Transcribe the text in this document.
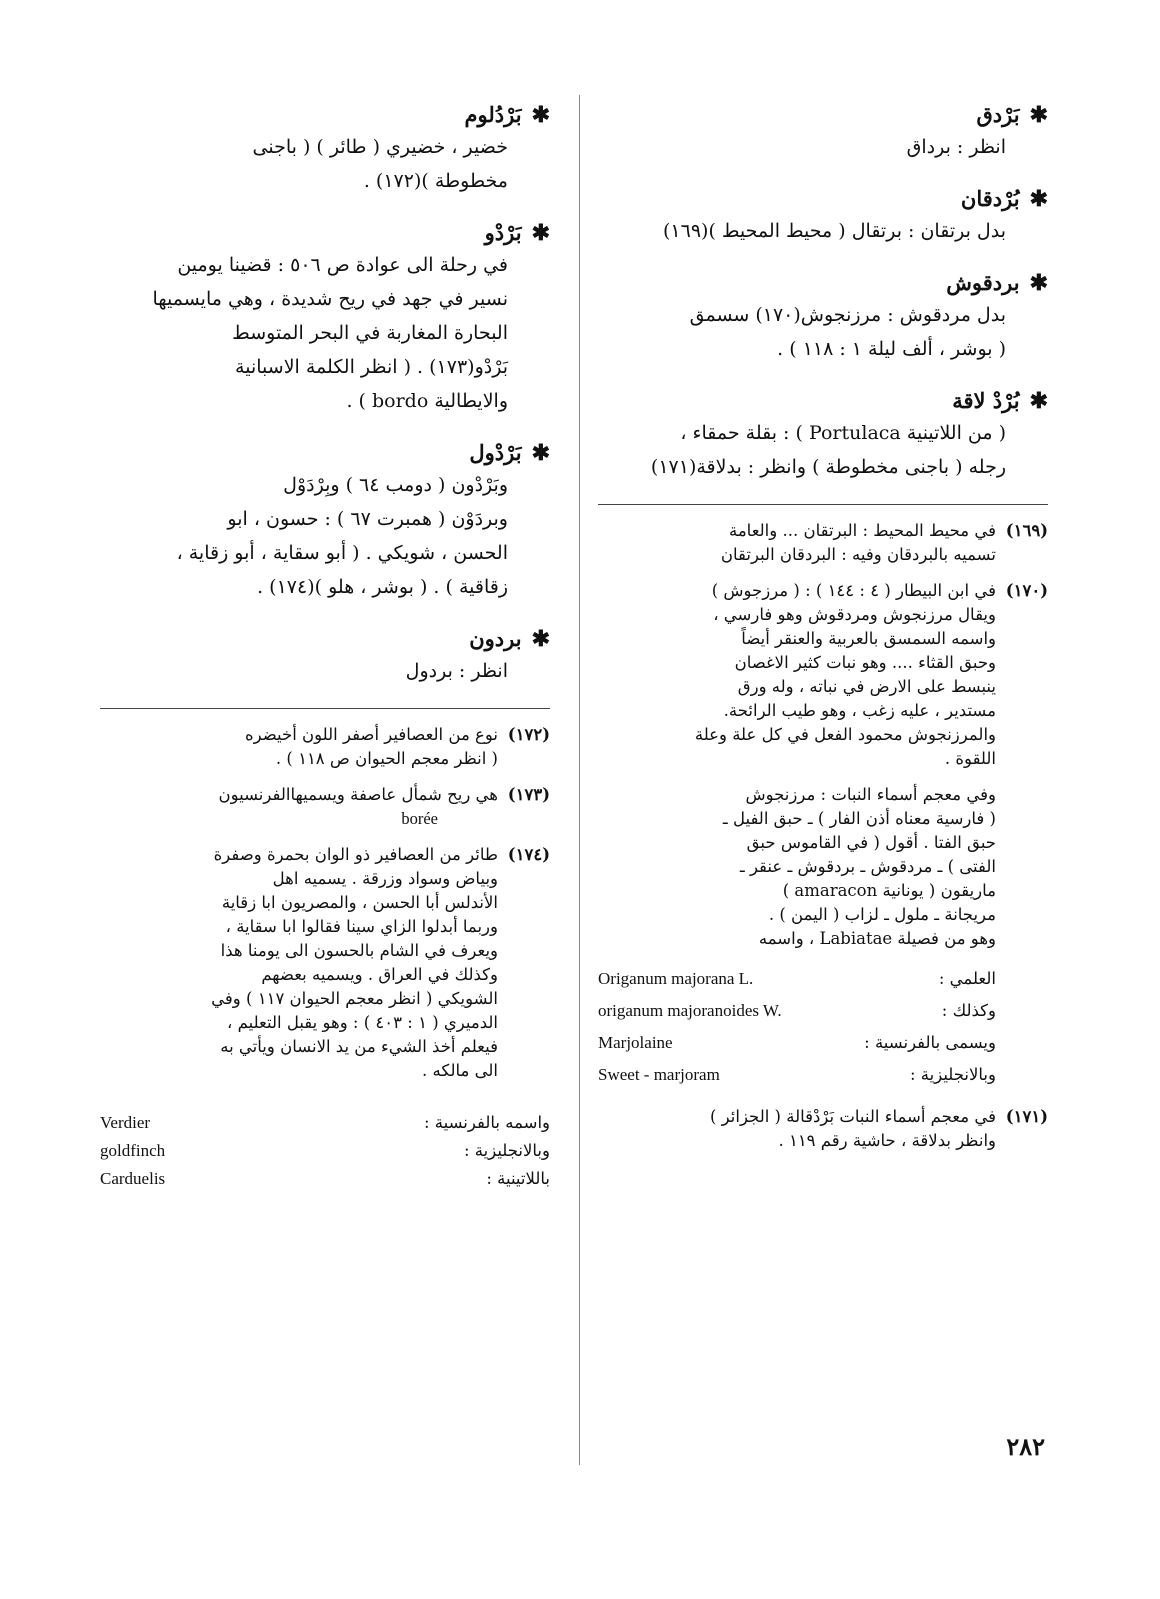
✱
بَرْدق
انظر : برداق
✱
بُرْدقان
بدل برتقان : برتقال ( محيط المحيط )(١٦٩)
✱
بردقوش
بدل مردقوش : مرزنجوش(١٧٠) سسمق
( بوشر ، ألف ليلة ١ : ١١٨ ) .
✱
بُرْدْ لاقة
( من اللاتينية Portulaca ) : بقلة حمقاء ،
رجله ( باجنى مخطوطة ) وانظر : بدلاقة(١٧١)
(١٦٩)
في محيط المحيط : البرتقان ... والعامة
تسميه بالبردقان وفيه : البردقان البرتقان
(١٧٠)
في ابن البيطار ( ٤ : ١٤٤ ) : ( مرزجوش )
ويقال مرزنجوش ومردقوش وهو فارسي ،
واسمه السمسق بالعربية والعنقر أيضاً
وحبق القثاء .... وهو نبات كثير الاغصان
ينبسط على الارض في نباته ، وله ورق
مستدير ، عليه زغب ، وهو طيب الرائحة.
والمرزنجوش محمود الفعل في كل علة وعلة
اللقوة .
وفي معجم أسماء النبات : مرزنجوش
( فارسية معناه أذن الفار ) ـ حبق الفيل ـ
حبق الفتا . أقول ( في القاموس حبق
الفتى ) ـ مردقوش ـ بردقوش ـ عنقر ـ
ماريقون ( يونانية amaracon )
مريجانة ـ ملول ـ لزاب ( اليمن ) .
وهو من فصيلة Labiatae ، واسمه
العلمي :
Origanum majorana L.
وكذلك :
origanum majoranoides W.
ويسمى بالفرنسية :
Marjolaine
وبالانجليزية :
Sweet - marjoram
(١٧١)
في معجم أسماء النبات بَرْدْقالة ( الجزائر )
وانظر بدلاقة ، حاشية رقم ١١٩ .
✱
بَرْدُلوم
خضير ، خضيري ( طائر ) ( باجنى
مخطوطة )(١٧٢) .
✱
بَرْدْو
في رحلة الى عوادة ص ٥٠٦ : قضينا يومين
نسير في جهد في ريح شديدة ، وهي مايسميها
البحارة المغاربة في البحر المتوسط
بَرْدْو(١٧٣) . ( انظر الكلمة الاسبانية
والايطالية bordo ) .
✱
بَرْدْول
وبَرْدْون ( دومب ٦٤ ) وبِرْدَوْل
وبردَوْن ( همبرت ٦٧ ) : حسون ، ابو
الحسن ، شويكي . ( أبو سقاية ، أبو زقاية ،
زقاقية ) . ( بوشر ، هلو )(١٧٤) .
✱
بردون
انظر : بردول
(١٧٢)
نوع من العصافير أصفر اللون أخيضره
( انظر معجم الحيوان ص ١١٨ ) .
(١٧٣)
هي ريح شمأل عاصفة ويسميهاالفرنسيون
borée
(١٧٤)
طائر من العصافير ذو الوان بحمرة وصفرة
وبياض وسواد وزرقة . يسميه اهل
الأندلس أبا الحسن ، والمصريون ابا زقاية
وربما أبدلوا الزاي سينا فقالوا ابا سقاية ،
ويعرف في الشام بالحسون الى يومنا هذا
وكذلك في العراق . ويسميه بعضهم
الشويكي ( انظر معجم الحيوان ١١٧ ) وفي
الدميري ( ١ : ٤٠٣ ) : وهو يقبل التعليم ،
فيعلم أخذ الشيء من يد الانسان ويأتي به
الى مالكه .
واسمه بالفرنسية :
Verdier
وبالانجليزية :
goldfinch
باللاتينية :
Carduelis
٢٨٢
